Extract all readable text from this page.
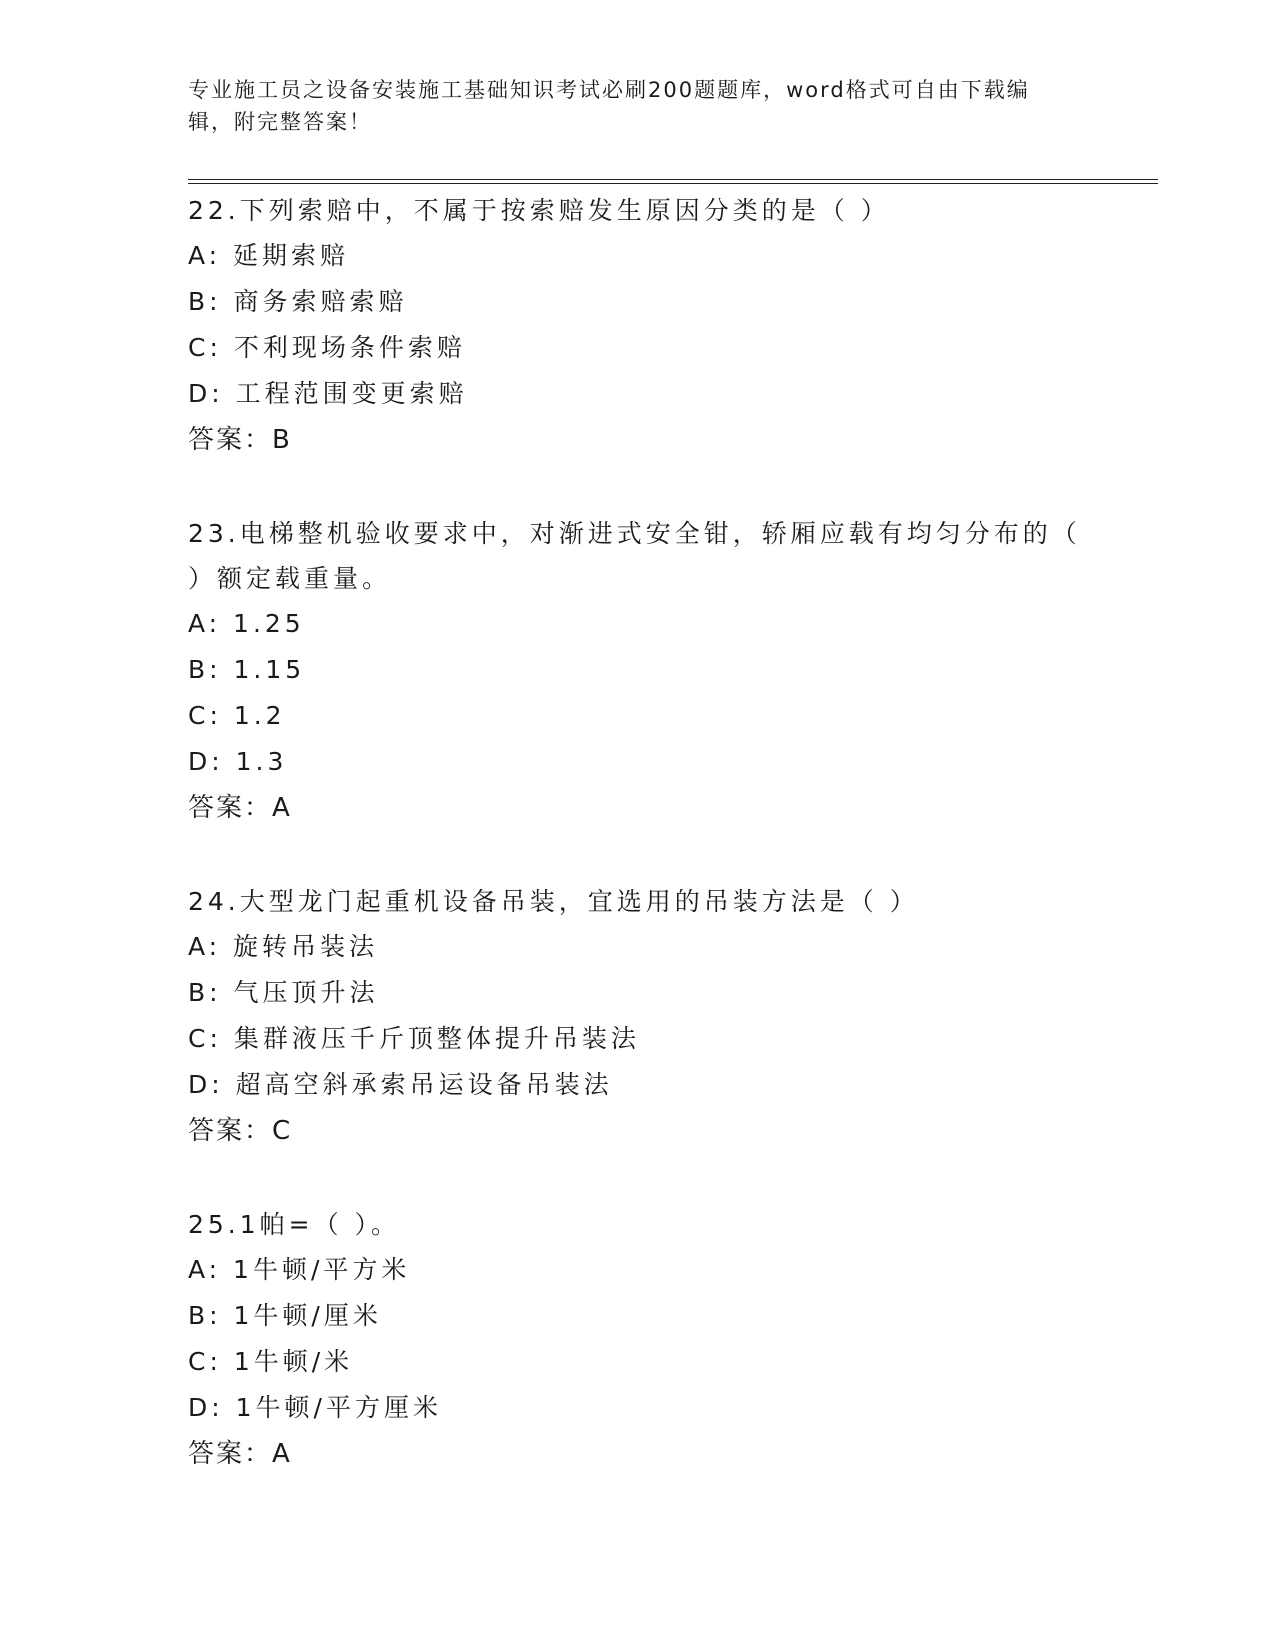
专业施工员之设备安装施工基础知识考试必刷200题题库，word格式可自由下载编辑，附完整答案！

22.下列索赔中，不属于按索赔发生原因分类的是（ ）

A: 延期索赔
B: 商务索赔索赔
C: 不利现场条件索赔
D: 工程范围变更索赔
答案：B

23.电梯整机验收要求中，对渐进式安全钳，轿厢应载有均匀分布的（ ）额定载重量。

A: 1.25
B: 1.15
C: 1.2
D: 1.3
答案：A

24.大型龙门起重机设备吊装，宜选用的吊装方法是（ ）

A: 旋转吊装法
B: 气压顶升法
C: 集群液压千斤顶整体提升吊装法
D: 超高空斜承索吊运设备吊装法
答案：C

25.1帕=（ ）。

A: 1牛顿/平方米
B: 1牛顿/厘米
C: 1牛顿/米
D: 1牛顿/平方厘米
答案：A
